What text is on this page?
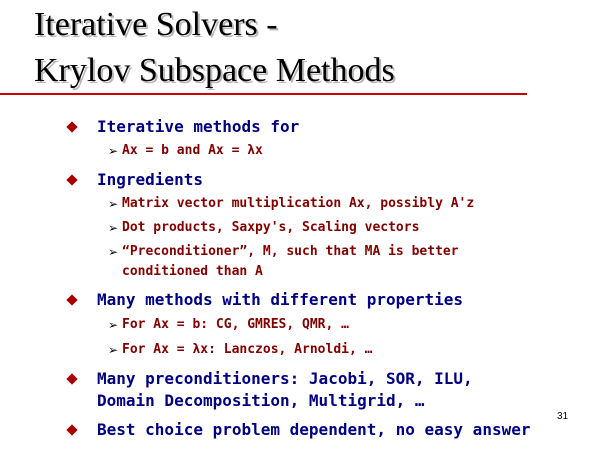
Iterative Solvers -
Krylov Subspace Methods
Iterative methods for
➢ Ax = b and Ax = λx
Ingredients
➢ Matrix vector multiplication Ax, possibly A'z
➢ Dot products, Saxpy's, Scaling vectors
➢ “Preconditioner”, M, such that MA is better
conditioned than A
Many methods with different properties
➢ For Ax = b: CG, GMRES, QMR, …
➢ For Ax = λx: Lanczos, Arnoldi, …
Many preconditioners: Jacobi, SOR, ILU,
Domain Decomposition, Multigrid, …
Best choice problem dependent, no easy answer
31
